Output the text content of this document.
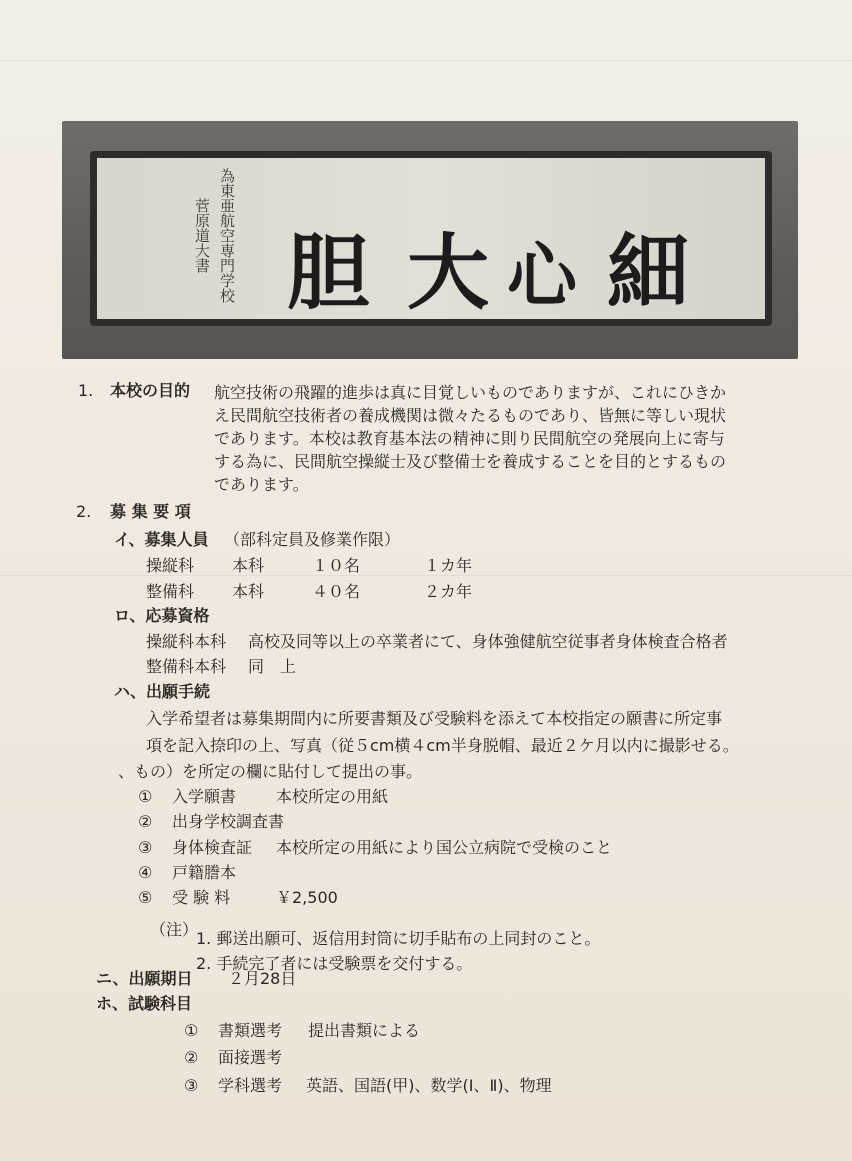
為東亜航空専門学校
菅原道大書 胆 大 心 細
1. 本校の目的 航空技術の飛躍的進歩は真に目覚しいものでありますが、これにひきか
え民間航空技術者の養成機関は微々たるものであり、皆無に等しい現状
であります。本校は教育基本法の精神に則り民間航空の発展向上に寄与
する為に、民間航空操縦士及び整備士を養成することを目的とするもの
であります。
2. 募 集 要 項
イ、募集人員 （部科定員及修業作限）
操縦科 本科	１０名	１カ年
整備科 本科	４０名	２カ年
ロ、応募資格
操縦科本科 高校及同等以上の卒業者にて、身体強健航空従事者身体検査合格者
整備科本科 同　上
ハ、出願手続
入学希望者は募集期間内に所要書類及び受験料を添えて本校指定の願書に所定事
項を記入捺印の上、写真（従５cm横４cm半身脱帽、最近２ケ月以内に撮影せる。
、もの）を所定の欄に貼付して提出の事。
① 入学願書 本校所定の用紙
② 出身学校調査書
③ 身体検査証 本校所定の用紙により国公立病院で受検のこと
④ 戸籍謄本
⑤ 受 験 料	￥2,500
（注）
1. 郵送出願可、返信用封筒に切手貼布の上同封のこと。
2. 手続完了者には受験票を交付する。
ニ、出願期日 ２月28日
ホ、試験科目
① 書類選考 提出書類による
② 面接選考
③ 学科選考 英語、国語(甲)、数学(Ⅰ、Ⅱ)、物理
